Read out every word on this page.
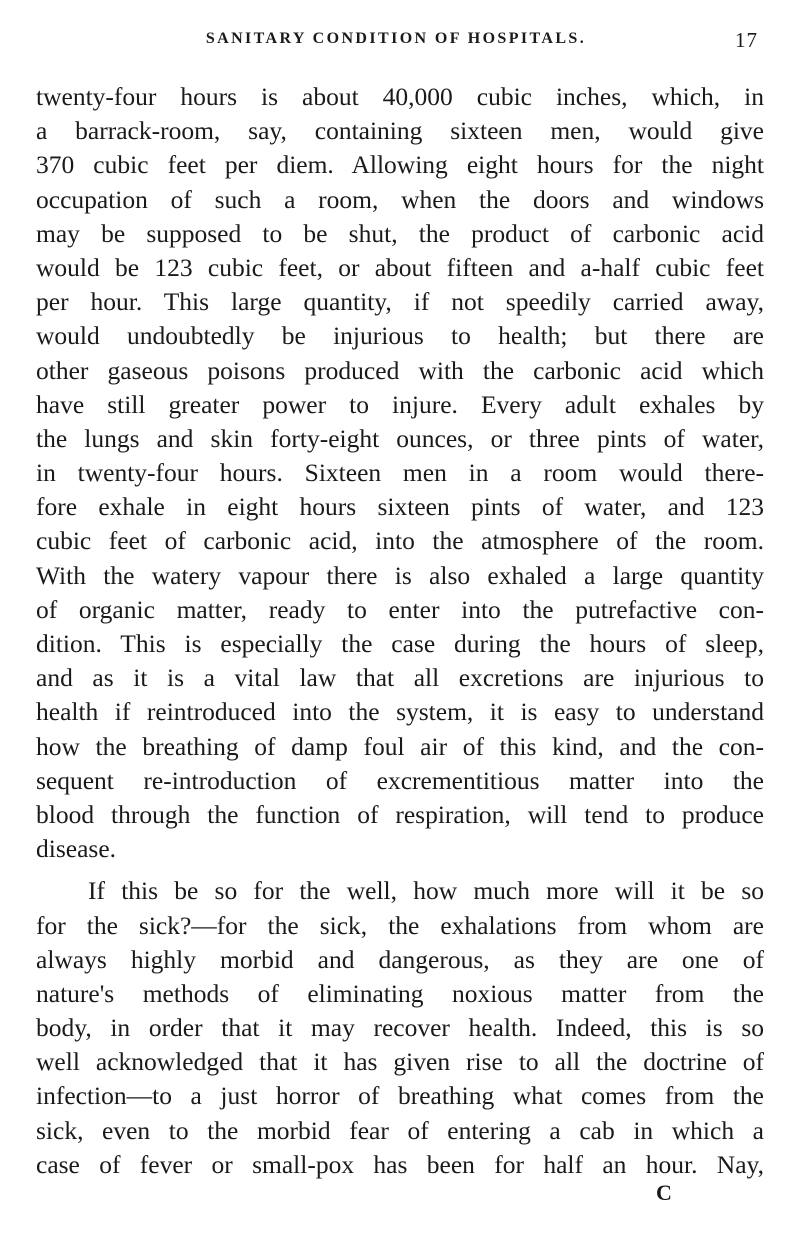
SANITARY CONDITION OF HOSPITALS.	17
twenty-four hours is about 40,000 cubic inches, which, in
a barrack-room, say, containing sixteen men, would give
370 cubic feet per diem. Allowing eight hours for the night
occupation of such a room, when the doors and windows
may be supposed to be shut, the product of carbonic acid
would be 123 cubic feet, or about fifteen and a-half cubic feet
per hour. This large quantity, if not speedily carried away,
would undoubtedly be injurious to health; but there are
other gaseous poisons produced with the carbonic acid which
have still greater power to injure. Every adult exhales by
the lungs and skin forty-eight ounces, or three pints of water,
in twenty-four hours. Sixteen men in a room would there-
fore exhale in eight hours sixteen pints of water, and 123
cubic feet of carbonic acid, into the atmosphere of the room.
With the watery vapour there is also exhaled a large quantity
of organic matter, ready to enter into the putrefactive con-
dition. This is especially the case during the hours of sleep,
and as it is a vital law that all excretions are injurious to
health if reintroduced into the system, it is easy to understand
how the breathing of damp foul air of this kind, and the con-
sequent re-introduction of excrementitious matter into the
blood through the function of respiration, will tend to produce
disease.
If this be so for the well, how much more will it be so
for the sick?—for the sick, the exhalations from whom are
always highly morbid and dangerous, as they are one of
nature's methods of eliminating noxious matter from the
body, in order that it may recover health. Indeed, this is so
well acknowledged that it has given rise to all the doctrine of
infection—to a just horror of breathing what comes from the
sick, even to the morbid fear of entering a cab in which a
case of fever or small-pox has been for half an hour. Nay,
C
